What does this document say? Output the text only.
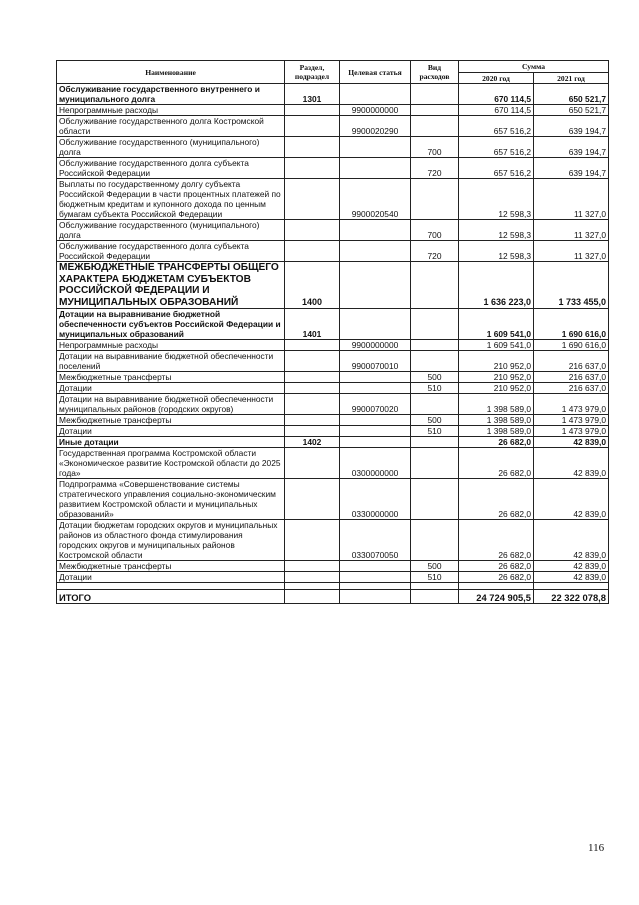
Наименование	Раздел, подраздел	Целевая статья	Вид расходов	Сумма	
				2020 год	2021 год
Обслуживание государственного внутреннего и муниципального долга	1301			670 114,5	650 521,7
Непрограммные расходы		9900000000		670 114,5	650 521,7
Обслуживание государственного долга Костромской области		9900020290		657 516,2	639 194,7
Обслуживание государственного (муниципального) долга			700	657 516,2	639 194,7
Обслуживание государственного долга субъекта Российской Федерации			720	657 516,2	639 194,7
Выплаты по государственному долгу субъекта Российской Федерации в части процентных платежей по бюджетным кредитам и купонного дохода по ценным бумагам субъекта Российской Федерации		9900020540		12 598,3	11 327,0
Обслуживание государственного (муниципального) долга			700	12 598,3	11 327,0
Обслуживание государственного долга субъекта Российской Федерации			720	12 598,3	11 327,0
МЕЖБЮДЖЕТНЫЕ ТРАНСФЕРТЫ ОБЩЕГО ХАРАКТЕРА БЮДЖЕТАМ СУБЪЕКТОВ РОССИЙСКОЙ ФЕДЕРАЦИИ И МУНИЦИПАЛЬНЫХ ОБРАЗОВАНИЙ	1400			1 636 223,0	1 733 455,0
Дотации на выравнивание бюджетной обеспеченности субъектов Российской Федерации и муниципальных образований	1401			1 609 541,0	1 690 616,0
Непрограммные расходы		9900000000		1 609 541,0	1 690 616,0
Дотации на выравнивание бюджетной обеспеченности поселений		9900070010		210 952,0	216 637,0
Межбюджетные трансферты			500	210 952,0	216 637,0
Дотации			510	210 952,0	216 637,0
Дотации на выравнивание бюджетной обеспеченности муниципальных районов (городских округов)		9900070020		1 398 589,0	1 473 979,0
Межбюджетные трансферты			500	1 398 589,0	1 473 979,0
Дотации			510	1 398 589,0	1 473 979,0
Иные дотации	1402			26 682,0	42 839,0
Государственная программа Костромской области «Экономическое развитие Костромской области до 2025 года»		0300000000		26 682,0	42 839,0
Подпрограмма «Совершенствование системы стратегического управления социально-экономическим развитием Костромской области и муниципальных образований»		0330000000		26 682,0	42 839,0
Дотации бюджетам городских округов и муниципальных районов из областного фонда стимулирования городских округов и муниципальных районов Костромской области		0330070050		26 682,0	42 839,0
Межбюджетные трансферты			500	26 682,0	42 839,0
Дотации			510	26 682,0	42 839,0

ИТОГО				24 724 905,5	22 322 078,8
116
